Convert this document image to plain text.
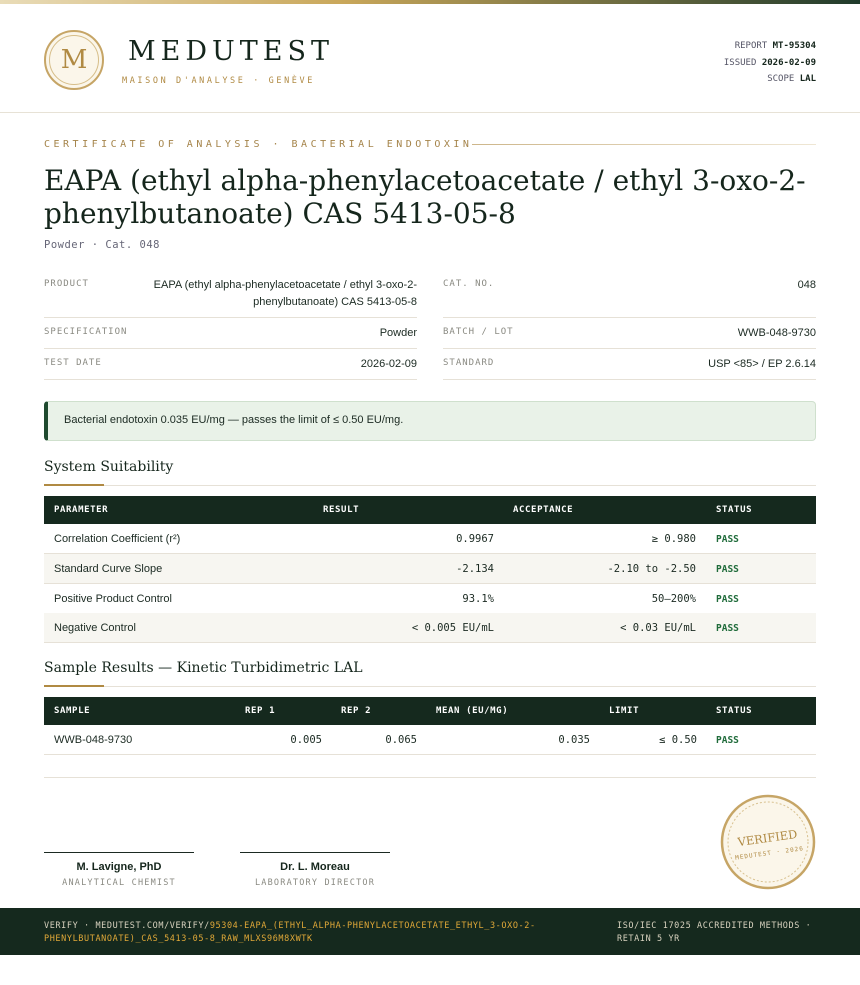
M	MEDUTEST
MAISON D'ANALYSE · GENÈVE
REPORT MT-95304
ISSUED 2026-02-09
SCOPE LAL
CERTIFICATE OF ANALYSIS · BACTERIAL ENDOTOXIN
EAPA (ethyl alpha-phenylacetoacetate / ethyl 3-oxo-2-phenylbutanoate) CAS 5413-05-8
Powder · Cat. 048
PRODUCT	EAPA (ethyl alpha-phenylacetoacetate / ethyl 3-oxo-2-phenylbutanoate) CAS 5413-05-8
SPECIFICATION	Powder
TEST DATE	2026-02-09
CAT. NO.	048
BATCH / LOT	WWB-048-9730
STANDARD	USP <85> / EP 2.6.14
Bacterial endotoxin 0.035 EU/mg — passes the limit of ≤ 0.50 EU/mg.
System Suitability
PARAMETER	RESULT	ACCEPTANCE	STATUS
Correlation Coefficient (r²)	0.9967	≥ 0.980 PASS
Standard Curve Slope	-2.134	-2.10 to -2.50 PASS
Positive Product Control	93.1%	50–200% PASS
Negative Control	< 0.005 EU/mL	< 0.03 EU/mL PASS
Sample Results — Kinetic Turbidimetric LAL
SAMPLE	REP 1	REP 2	MEAN (EU/MG)	LIMIT	STATUS
WWB-048-9730	0.005	0.065	0.035	≤ 0.50 PASS
M. Lavigne, PhD
ANALYTICAL CHEMIST
Dr. L. Moreau
LABORATORY DIRECTOR
VERIFIED
MEDUTEST · 2026
VERIFY · MEDUTEST.COM/VERIFY/95304-EAPA_(ETHYL_ALPHA-PHENYLACETOACETATE_ETHYL_3-OXO-2-PHENYLBUTANOATE)_CAS_5413-05-8_RAW_MLXS96M8XWTK
ISO/IEC 17025 ACCREDITED METHODS · RETAIN 5 YR
